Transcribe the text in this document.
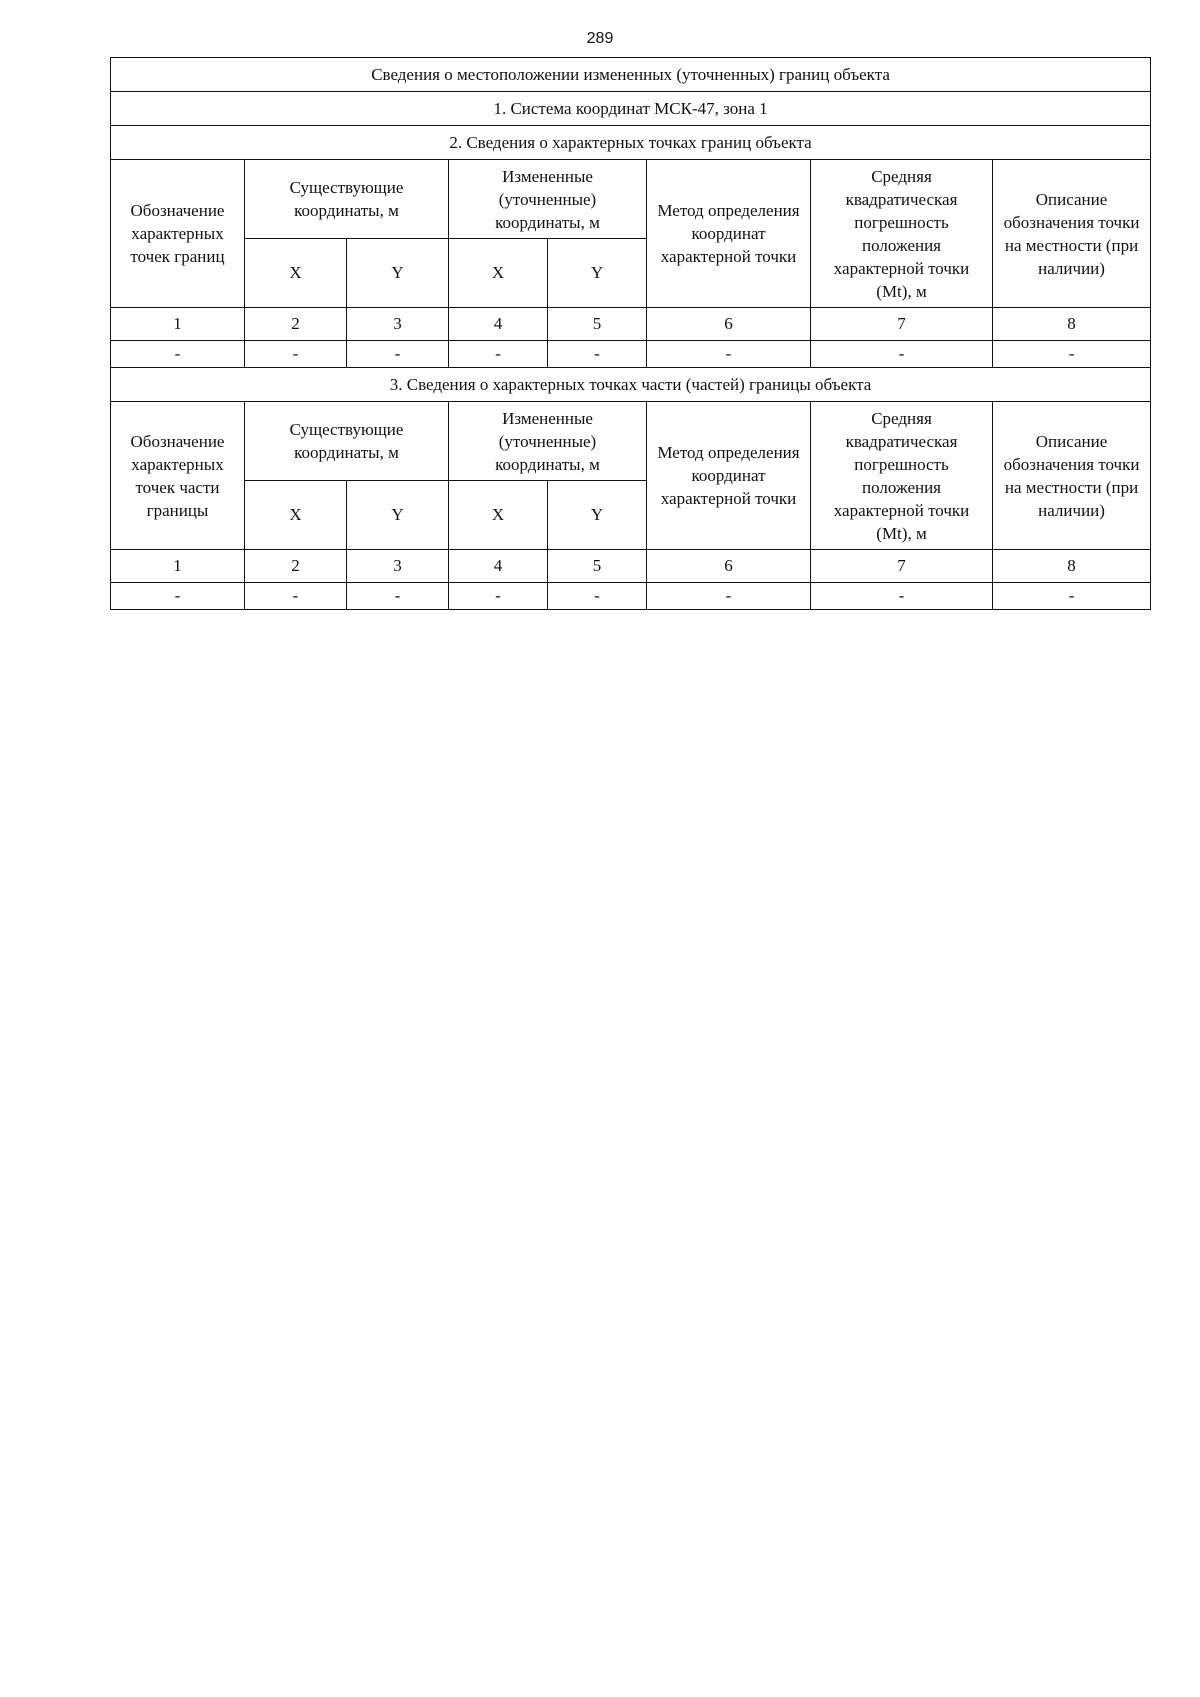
289
Сведения о местоположении измененных (уточненных) границ объекта							
1. Система координат МСК-47, зона 1							
2. Сведения о характерных точках границ объекта							
Обозначение характерных точек границ	Существующие координаты, м		Измененные (уточненные) координаты, м		Метод определения координат характерной точки	Средняя квадратическая погрешность положения характерной точки (Mt), м	Описание обозначения точки на местности (при наличии)
	X	Y	X	Y			
1	2	3	4	5	6	7	8
-	-	-	-	-	-	-	-
3. Сведения о характерных точках части (частей) границы объекта							
Обозначение характерных точек части границы	Существующие координаты, м		Измененные (уточненные) координаты, м		Метод определения координат характерной точки	Средняя квадратическая погрешность положения характерной точки (Mt), м	Описание обозначения точки на местности (при наличии)
	X	Y	X	Y			
1	2	3	4	5	6	7	8
-	-	-	-	-	-	-	-
